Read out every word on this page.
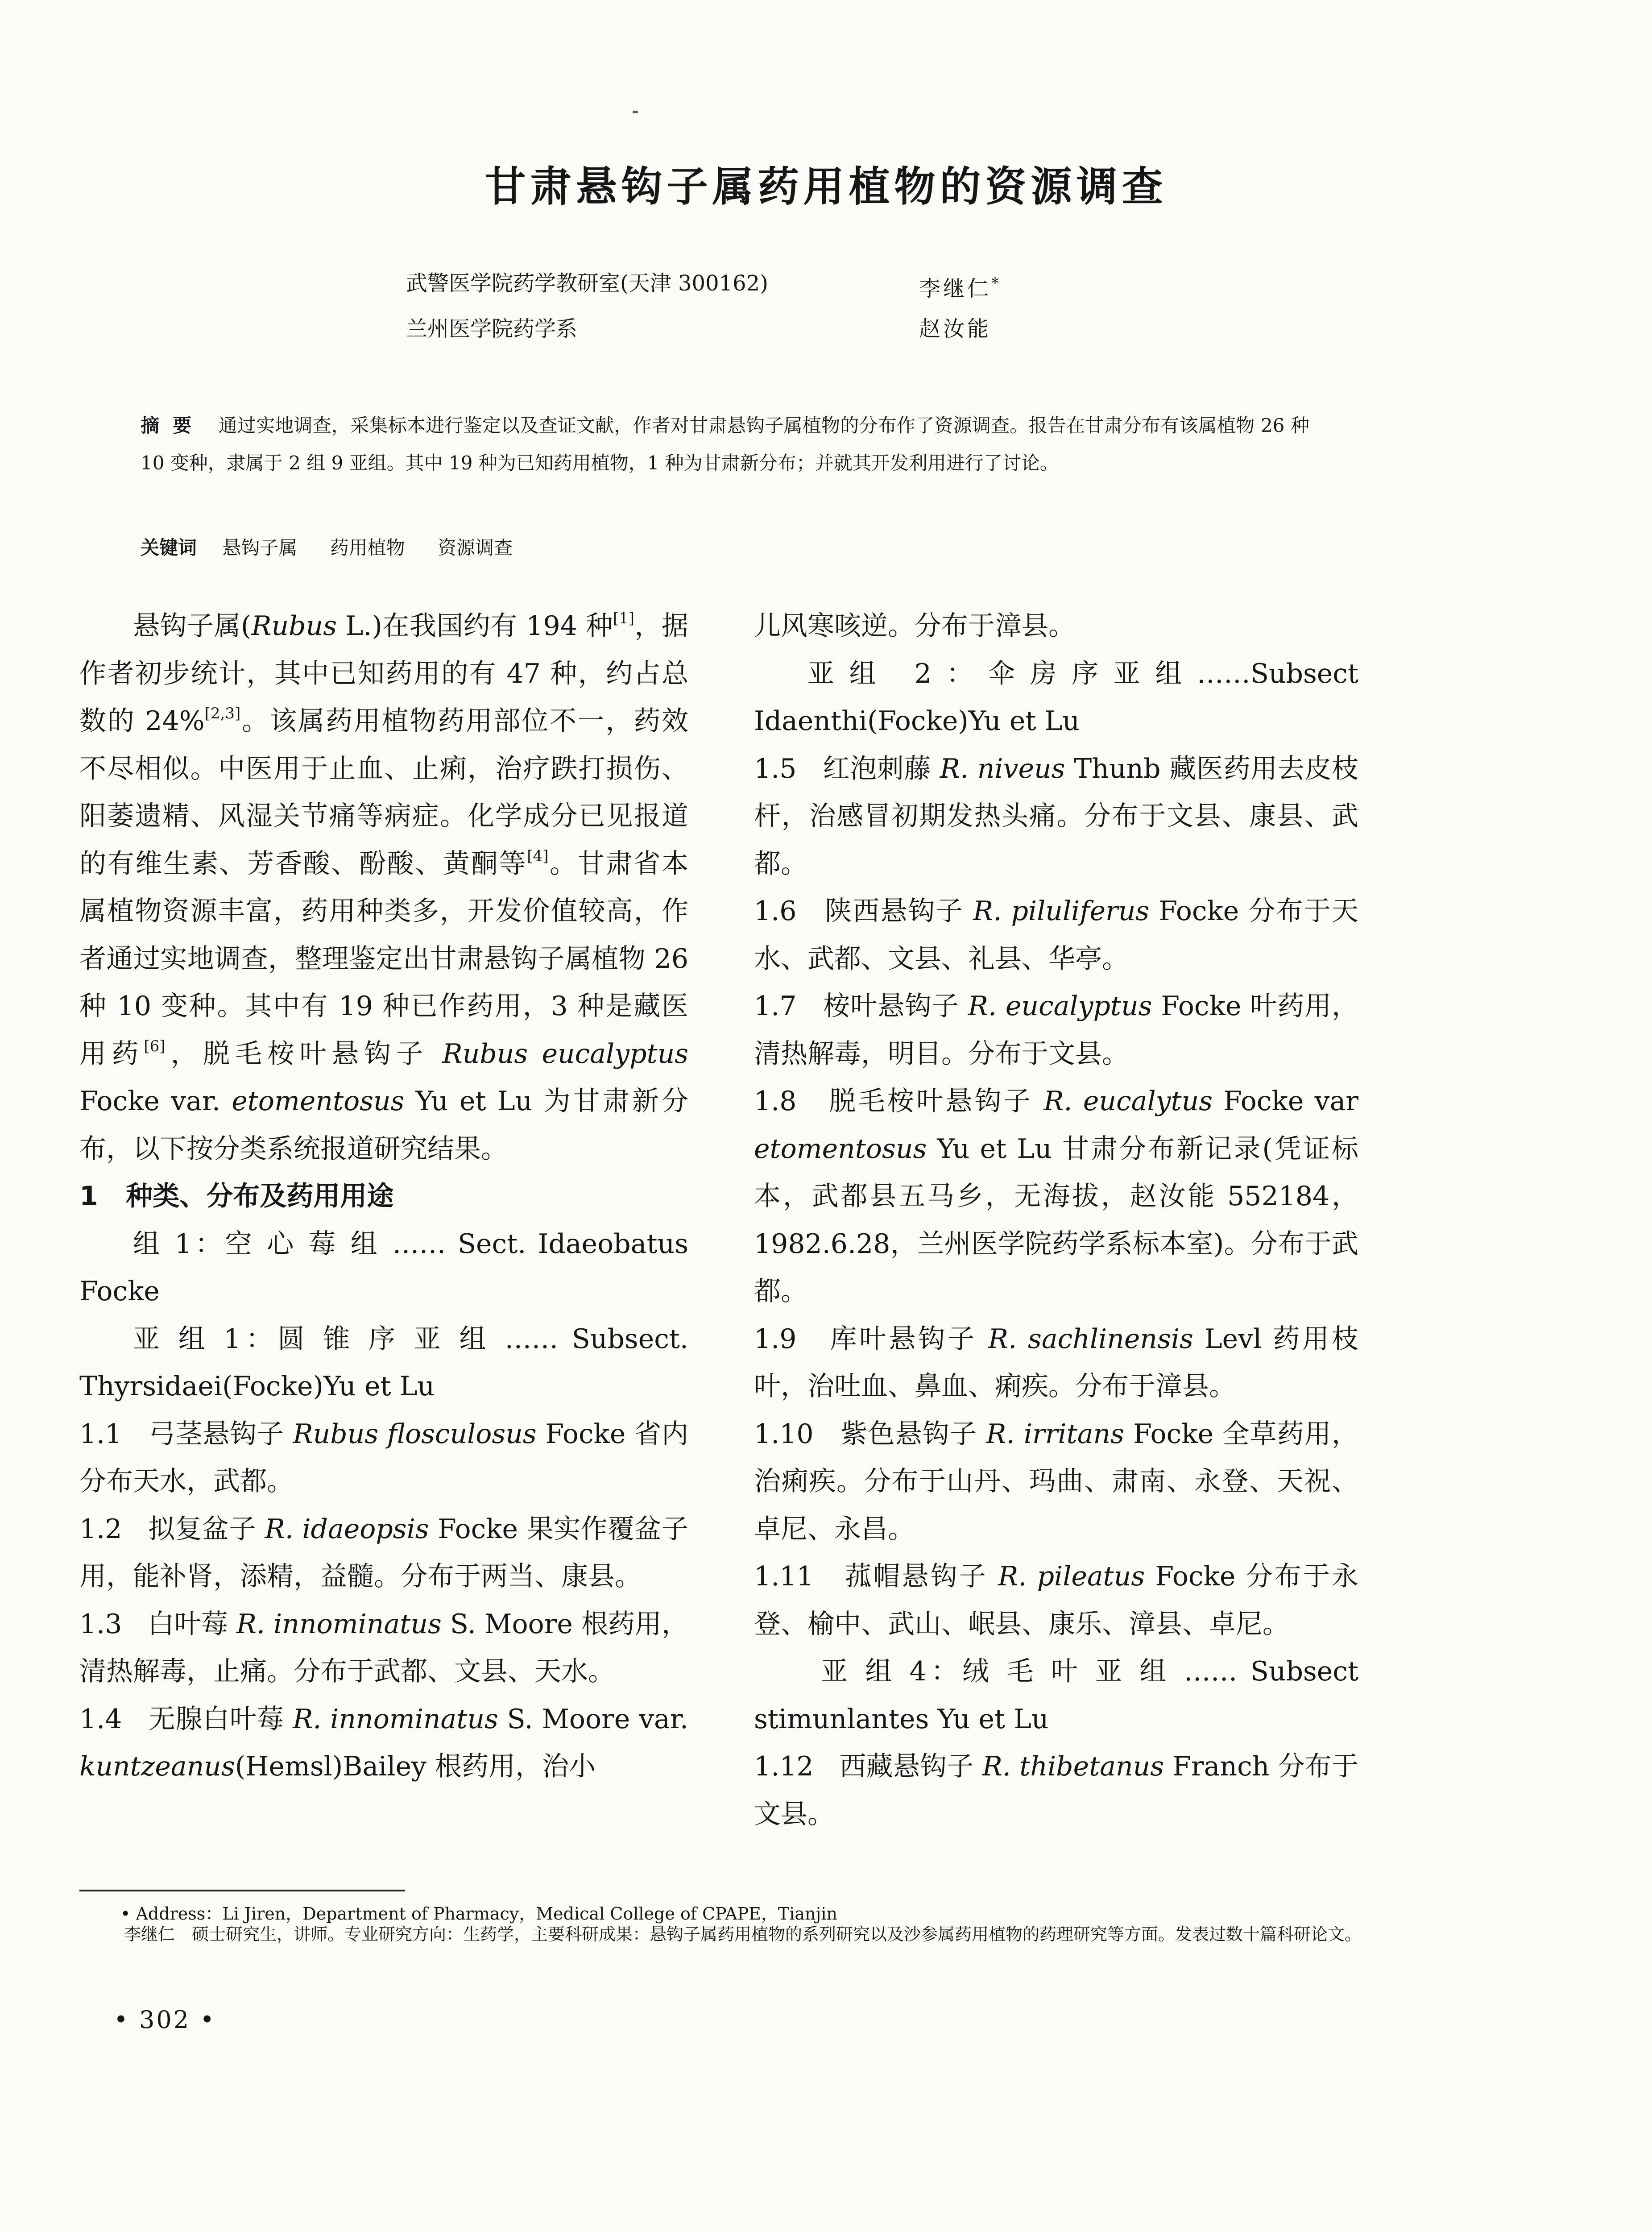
甘肃悬钩子属药用植物的资源调查
武警医学院药学教研室(天津 300162)	李继仁*
兰州医学院药学系	赵汝能
摘要 通过实地调查，采集标本进行鉴定以及查证文献，作者对甘肃悬钩子属植物的分布作了资源调查。报告在甘肃分布有该属植物 26 种 10 变种，隶属于 2 组 9 亚组。其中 19 种为已知药用植物，1 种为甘肃新分布；并就其开发利用进行了讨论。
关键词 悬钩子属 药用植物 资源调查

悬钩子属(Rubus L.)在我国约有 194 种[1]，据作者初步统计，其中已知药用的有 47 种，约占总数的 24%[2,3]。该属药用植物药用部位不一，药效不尽相似。中医用于止血、止痢，治疗跌打损伤、阳萎遗精、风湿关节痛等病症。化学成分已见报道的有维生素、芳香酸、酚酸、黄酮等[4]。甘肃省本属植物资源丰富，药用种类多，开发价值较高，作者通过实地调查，整理鉴定出甘肃悬钩子属植物 26 种 10 变种。其中有 19 种已作药用，3 种是藏医用药[6]，脱毛桉叶悬钩子 Rubus eucalyptus Focke var. etomentosus Yu et Lu 为甘肃新分布，以下按分类系统报道研究结果。

1   种类、分布及药用用途

组 1：空 心 莓 组 …… Sect. Idaeobatus Focke

亚 组 1：圆 锥 序 亚 组 …… Subsect. Thyrsidaei(Focke)Yu et Lu

1.1   弓茎悬钩子 Rubus flosculosus Focke 省内分布天水，武都。

1.2   拟复盆子 R. idaeopsis Focke 果实作覆盆子用，能补肾，添精，益髓。分布于两当、康县。

1.3   白叶莓 R. innominatus S. Moore 根药用，清热解毒，止痛。分布于武都、文县、天水。

1.4   无腺白叶莓 R. innominatus S. Moore var. kuntzeanus(Hemsl)Bailey 根药用，治小

儿风寒咳逆。分布于漳县。

亚组 2：伞房序亚组……Subsect Idaenthi(Focke)Yu et Lu

1.5   红泡刺藤 R. niveus Thunb 藏医药用去皮枝杆，治感冒初期发热头痛。分布于文县、康县、武都。

1.6   陕西悬钩子 R. piluliferus Focke 分布于天水、武都、文县、礼县、华亭。

1.7   桉叶悬钩子 R. eucalyptus Focke 叶药用，清热解毒，明目。分布于文县。

1.8   脱毛桉叶悬钩子 R. eucalytus Focke var etomentosus Yu et Lu 甘肃分布新记录(凭证标本，武都县五马乡，无海拔，赵汝能 552184，1982.6.28，兰州医学院药学系标本室)。分布于武都。

1.9   库叶悬钩子 R. sachlinensis Levl 药用枝叶，治吐血、鼻血、痢疾。分布于漳县。

1.10   紫色悬钩子 R. irritans Focke 全草药用，治痢疾。分布于山丹、玛曲、肃南、永登、天祝、卓尼、永昌。

1.11   菰帽悬钩子 R. pileatus Focke 分布于永登、榆中、武山、岷县、康乐、漳县、卓尼。

亚 组 4：绒 毛 叶 亚 组 …… Subsect stimunlantes Yu et Lu

1.12   西藏悬钩子 R. thibetanus Franch 分布于文县。

• Address：Li Jiren，Department of Pharmacy，Medical College of CPAPE，Tianjin

李继仁　硕士研究生，讲师。专业研究方向：生药学，主要科研成果：悬钩子属药用植物的系列研究以及沙参属药用植物的药理研究等方面。发表过数十篇科研论文。

• 302 •
